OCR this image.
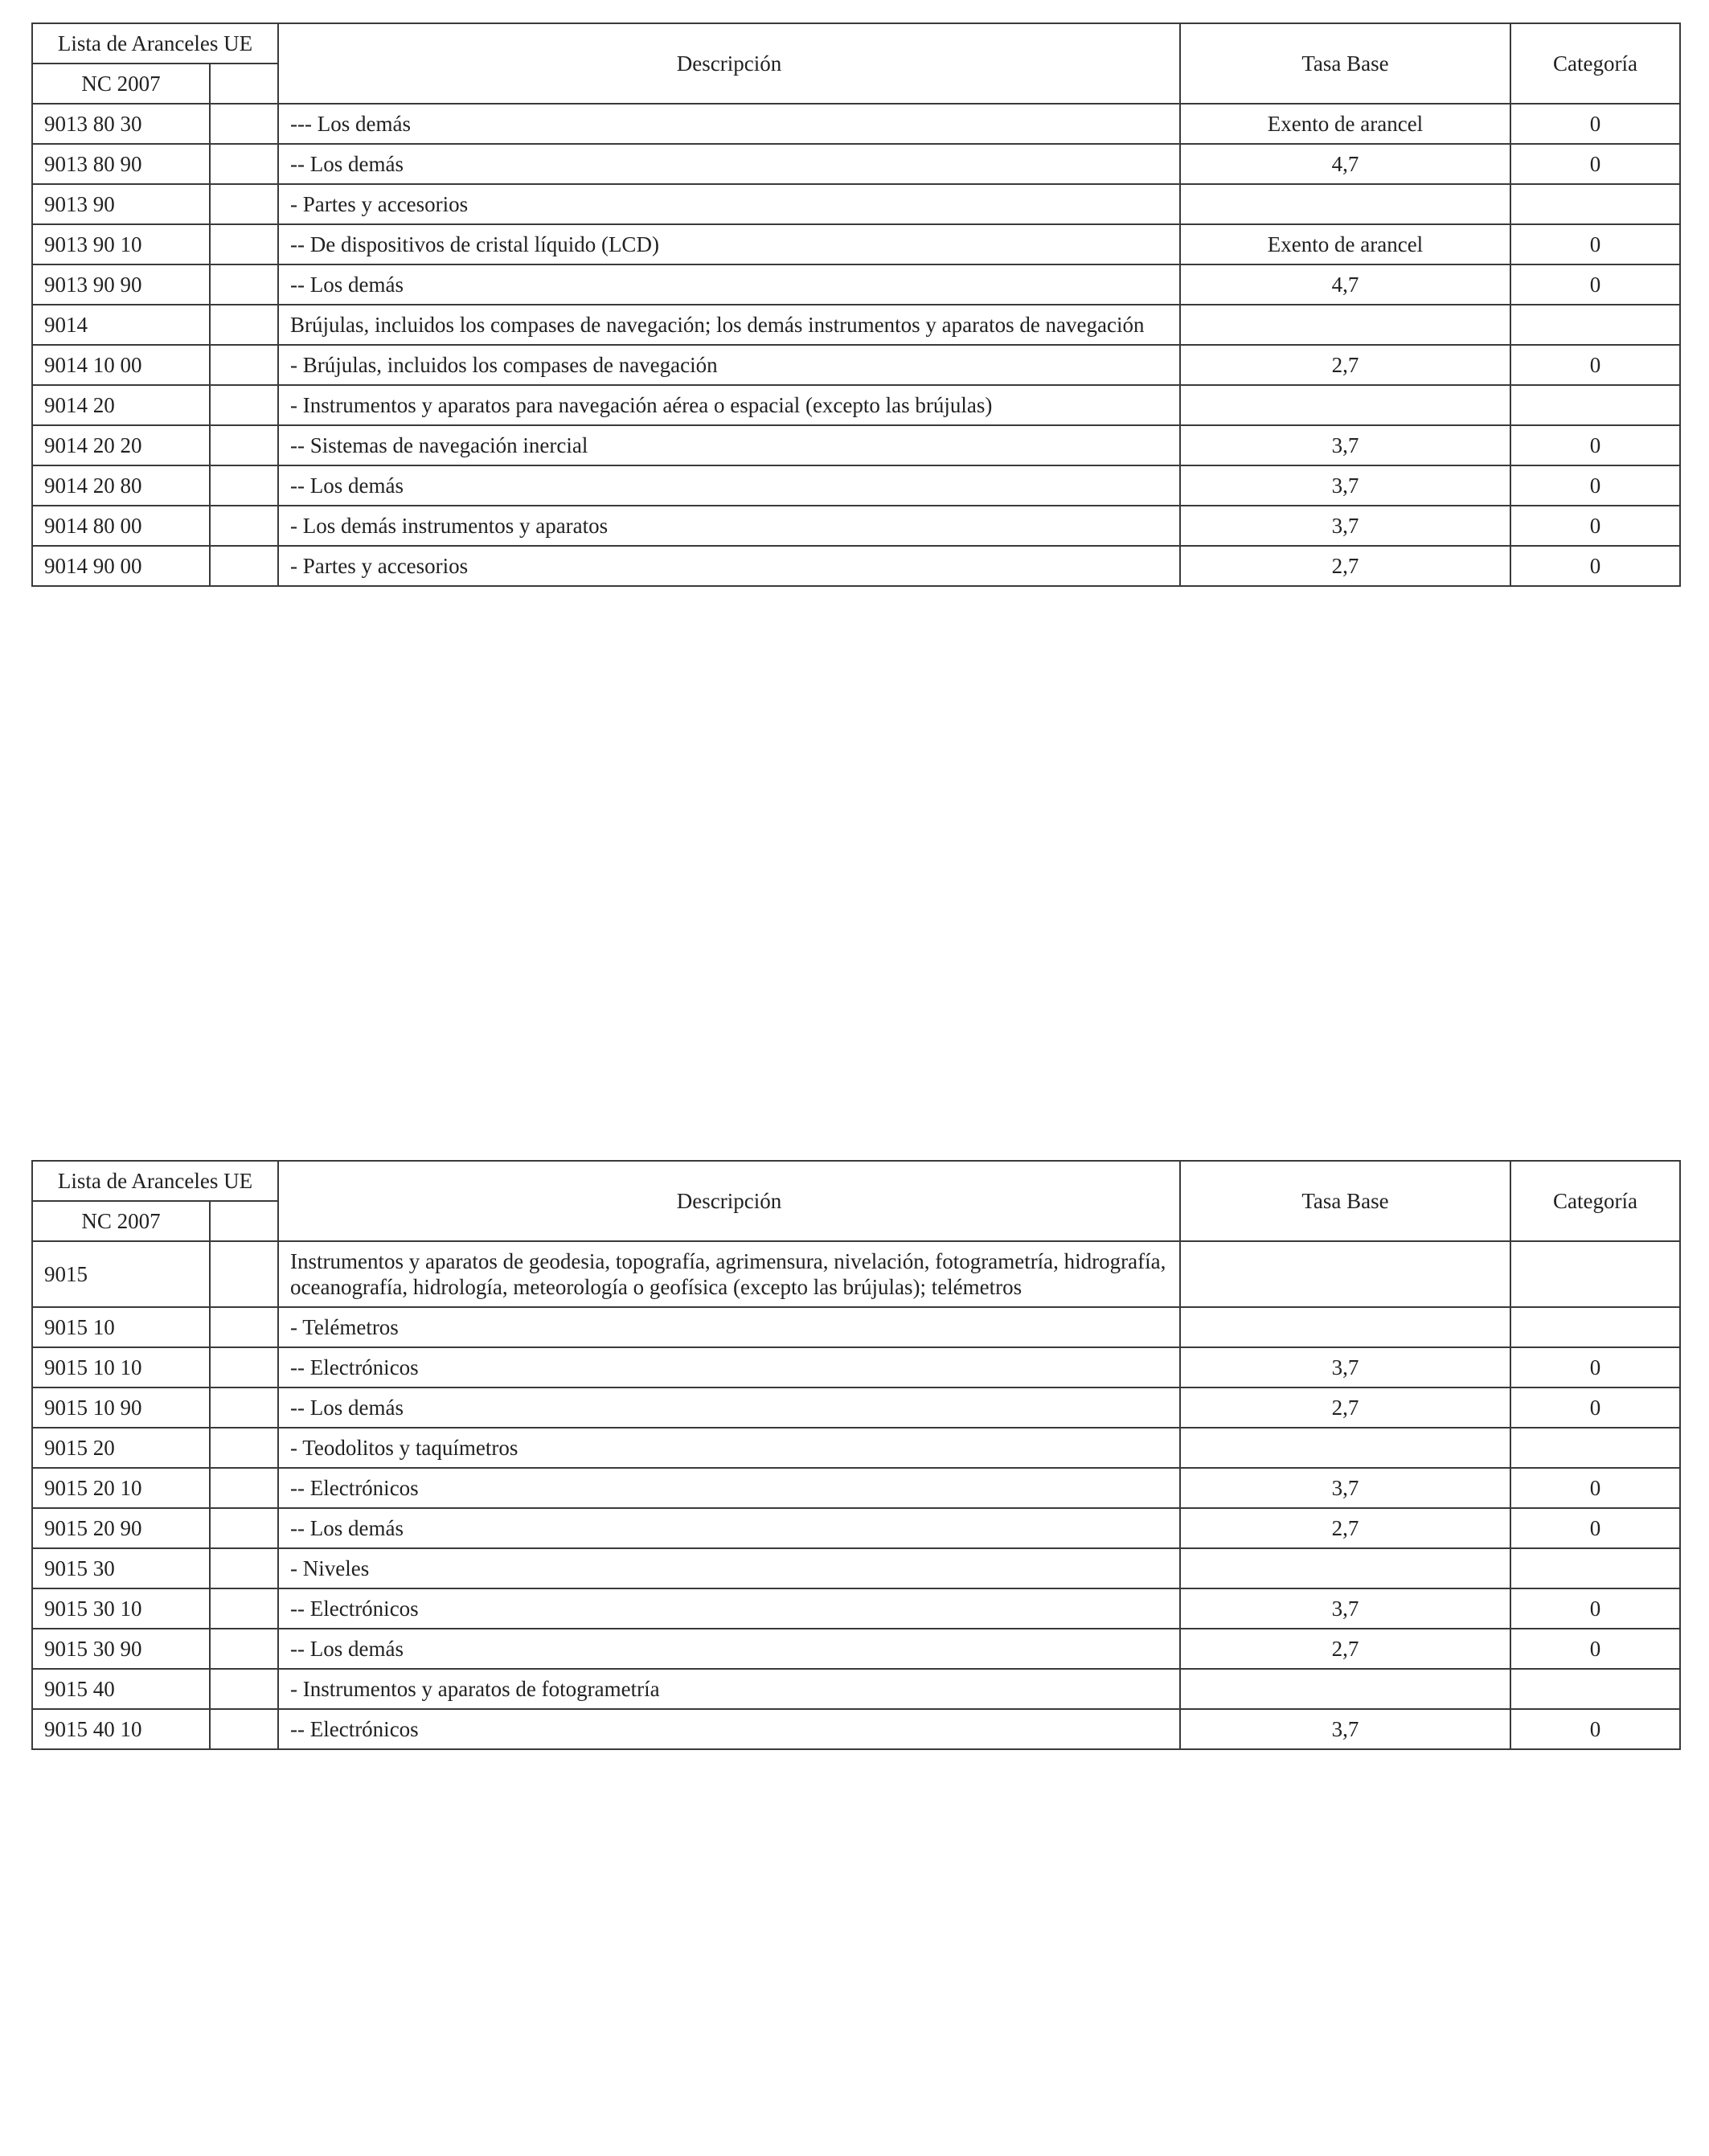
Lista de Aranceles UE		Descripción	Tasa Base	Categoría
NC 2007				
9013 80 30		--- Los demás	Exento de arancel	0
9013 80 90		-- Los demás	4,7	0
9013 90		- Partes y accesorios		
9013 90 10		-- De dispositivos de cristal líquido (LCD)	Exento de arancel	0
9013 90 90		-- Los demás	4,7	0
9014		Brújulas, incluidos los compases de navegación; los demás instrumentos y aparatos de navegación		
9014 10 00		- Brújulas, incluidos los compases de navegación	2,7	0
9014 20		- Instrumentos y aparatos para navegación aérea o espacial (excepto las brújulas)		
9014 20 20		-- Sistemas de navegación inercial	3,7	0
9014 20 80		-- Los demás	3,7	0
9014 80 00		- Los demás instrumentos y aparatos	3,7	0
9014 90 00		- Partes y accesorios	2,7	0
Lista de Aranceles UE		Descripción	Tasa Base	Categoría
NC 2007				
9015		Instrumentos y aparatos de geodesia, topografía, agrimensura, nivelación, fotogrametría, hidrografía, oceanografía, hidrología, meteorología o geofísica (excepto las brújulas); telémetros		
9015 10		- Telémetros		
9015 10 10		-- Electrónicos	3,7	0
9015 10 90		-- Los demás	2,7	0
9015 20		- Teodolitos y taquímetros		
9015 20 10		-- Electrónicos	3,7	0
9015 20 90		-- Los demás	2,7	0
9015 30		- Niveles		
9015 30 10		-- Electrónicos	3,7	0
9015 30 90		-- Los demás	2,7	0
9015 40		- Instrumentos y aparatos de fotogrametría		
9015 40 10		-- Electrónicos	3,7	0
